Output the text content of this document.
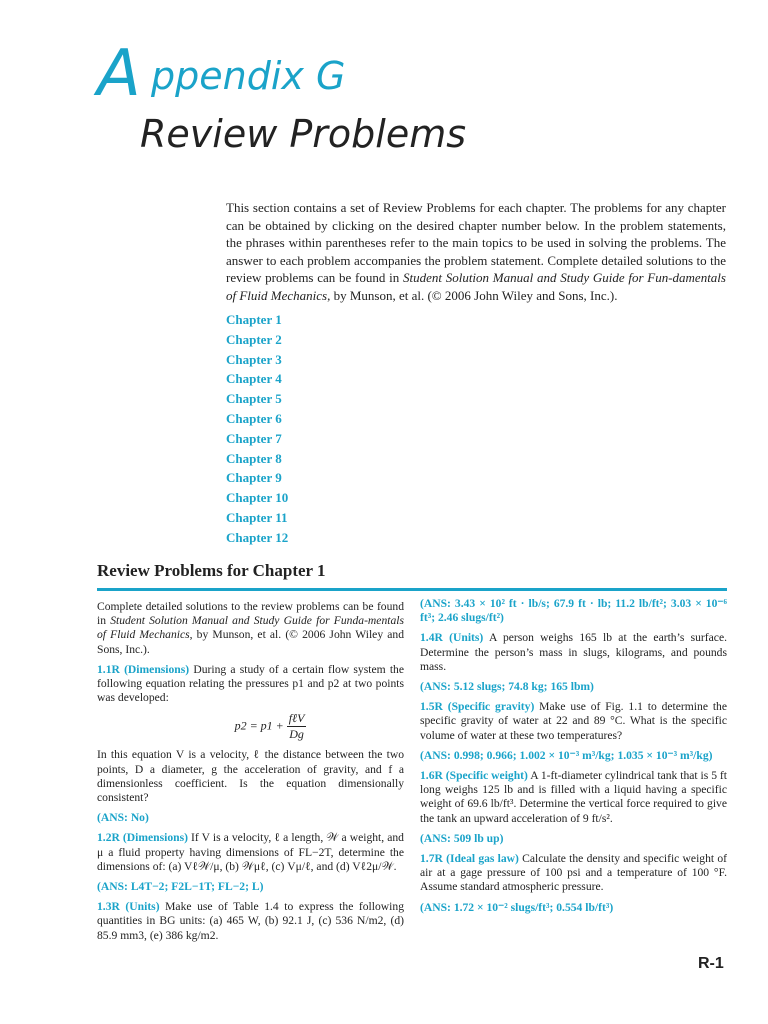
A ppendix G
Review Problems
This section contains a set of Review Problems for each chapter. The problems for any chapter can be obtained by clicking on the desired chapter number below. In the problem statements, the phrases within parentheses refer to the main topics to be used in solving the problems. The answer to each problem accompanies the problem statement. Complete detailed solutions to the review problems can be found in Student Solution Manual and Study Guide for Fun-damentals of Fluid Mechanics, by Munson, et al. (© 2006 John Wiley and Sons, Inc.).
Chapter 1
Chapter 2
Chapter 3
Chapter 4
Chapter 5
Chapter 6
Chapter 7
Chapter 8
Chapter 9
Chapter 10
Chapter 11
Chapter 12
Review Problems for Chapter 1

Complete detailed solutions to the review problems can be found in Student Solution Manual and Study Guide for Funda-mentals of Fluid Mechanics, by Munson, et al. (© 2006 John Wiley and Sons, Inc.).

1.1R (Dimensions) During a study of a certain flow system the following equation relating the pressures p1 and p2 at two points was developed:

$p2 = p1 + \frac{\text{fℓV}}{Dg}$

In this equation V is a velocity, ℓ the distance between the two points, D a diameter, g the acceleration of gravity, and f a dimensionless coefficient. Is the equation dimensionally consistent?

(ANS: No)

1.2R (Dimensions) If V is a velocity, ℓ a length, 𝒲 a weight, and μ a fluid property having dimensions of FL−2T, determine the dimensions of: (a) Vℓ𝒲/μ, (b) 𝒲μℓ, (c) Vμ/ℓ, and (d) Vℓ2μ/𝒲.

(ANS: L4T−2; F2L−1T; FL−2; L)

1.3R (Units) Make use of Table 1.4 to express the following quantities in BG units: (a) 465 W, (b) 92.1 J, (c) 536 N/m2, (d) 85.9 mm3, (e) 386 kg/m2.

(ANS: 3.43 × 10² ft · lb/s; 67.9 ft · lb; 11.2 lb/ft²; 3.03 × 10⁻⁶ ft³; 2.46 slugs/ft²)

1.4R (Units) A person weighs 165 lb at the earth’s surface. Determine the person’s mass in slugs, kilograms, and pounds mass.

(ANS: 5.12 slugs; 74.8 kg; 165 lbm)

1.5R (Specific gravity) Make use of Fig. 1.1 to determine the specific gravity of water at 22 and 89 °C. What is the specific volume of water at these two temperatures?

(ANS: 0.998; 0.966; 1.002 × 10⁻³ m³/kg; 1.035 × 10⁻³ m³/kg)

1.6R (Specific weight) A 1-ft-diameter cylindrical tank that is 5 ft long weighs 125 lb and is filled with a liquid having a specific weight of 69.6 lb/ft³. Determine the vertical force required to give the tank an upward acceleration of 9 ft/s².

(ANS: 509 lb up)

1.7R (Ideal gas law) Calculate the density and specific weight of air at a gage pressure of 100 psi and a temperature of 100 °F. Assume standard atmospheric pressure.

(ANS: 1.72 × 10⁻² slugs/ft³; 0.554 lb/ft³)

R-1
